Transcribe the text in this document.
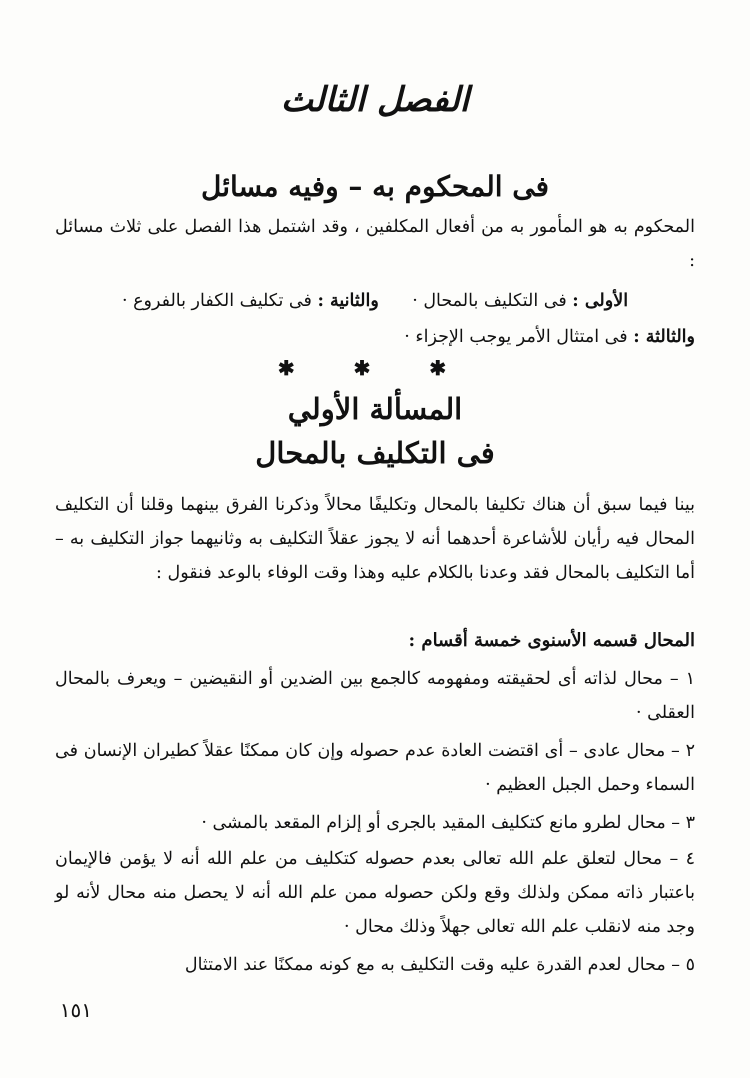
الفصل الثالث
فى المحكوم به – وفيه مسائل
المحكوم به هو المأمور به من أفعال المكلفين ، وقد اشتمل هذا الفصل على ثلاث مسائل :
الأولى : فى التكليف بالمحال ·      والثانية : فى تكليف الكفار بالفروع ·
والثالثة : فى امتثال الأمر يوجب الإجزاء ·
✱ ✱ ✱
المسألة الأولي
فى التكليف بالمحال
بينا فيما سبق أن هناك تكليفا بالمحال وتكليفًا محالاً وذكرنا الفرق بينهما وقلنا أن التكليف المحال فيه رأيان للأشاعرة أحدهما أنه لا يجوز عقلاً التكليف به وثانيهما جواز التكليف به – أما التكليف بالمحال فقد وعدنا بالكلام عليه وهذا وقت الوفاء بالوعد فنقول :
المحال قسمه الأسنوى خمسة أقسام :
١ – محال لذاته أى لحقيقته ومفهومه كالجمع بين الضدين أو النقيضين – ويعرف بالمحال العقلى ·
٢ – محال عادى – أى اقتضت العادة عدم حصوله وإن كان ممكنًا عقلاً كطيران الإنسان فى السماء وحمل الجبل العظيم ·
٣ – محال لطرو مانع كتكليف المقيد بالجرى أو إلزام المقعد بالمشى ·
٤ – محال لتعلق علم الله تعالى بعدم حصوله كتكليف من علم الله أنه لا يؤمن فالإيمان باعتبار ذاته ممكن ولذلك وقع ولكن حصوله ممن علم الله أنه لا يحصل منه محال لأنه لو وجد منه لانقلب علم الله تعالى جهلاً وذلك محال ·
٥ – محال لعدم القدرة عليه وقت التكليف به مع كونه ممكنًا عند الامتثال
١٥١
